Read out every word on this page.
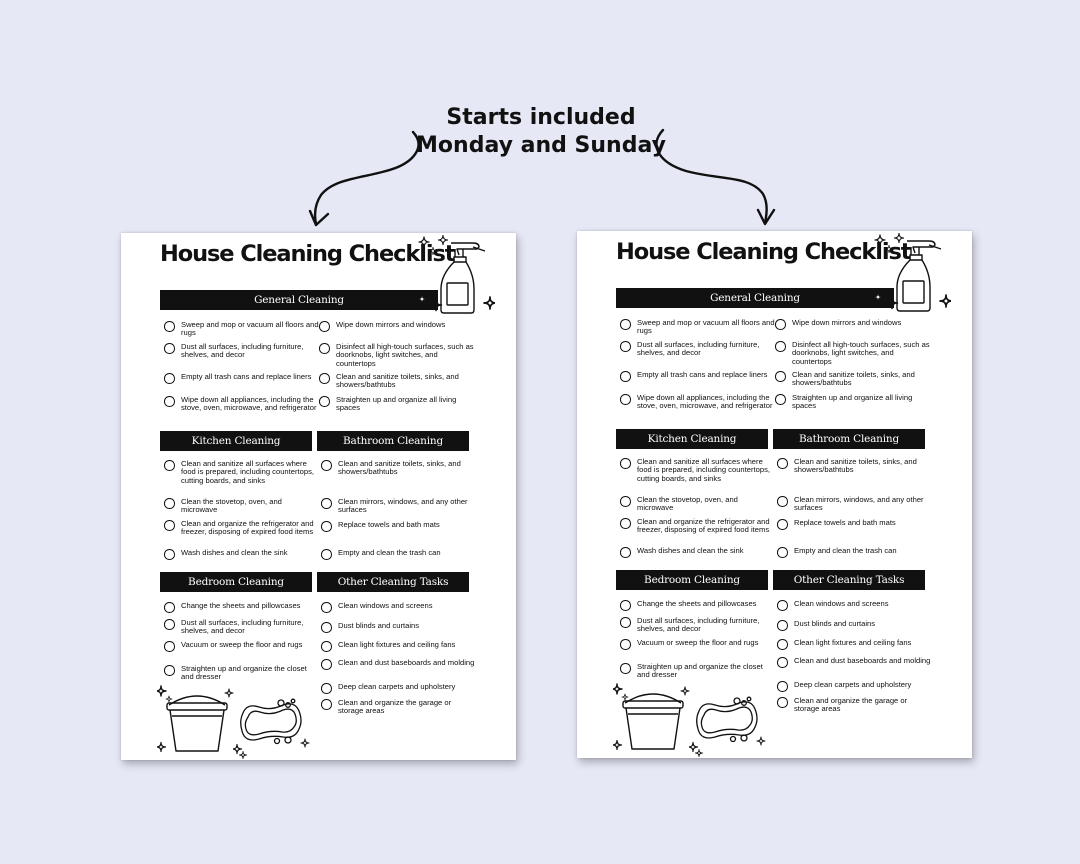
Starts included
Monday and Sunday
House Cleaning Checklist
General Cleaning
Kitchen Cleaning	Bathroom Cleaning
Bedroom Cleaning	Other Cleaning Tasks
Sweep and mop or vacuum all floors and rugs
Dust all surfaces, including furniture, shelves, and decor
Empty all trash cans and replace liners
Wipe down all appliances, including the stove, oven, microwave, and refrigerator
Wipe down mirrors and windows
Disinfect all high-touch surfaces, such as doorknobs, light switches, and countertops
Clean and sanitize toilets, sinks, and showers/bathtubs
Straighten up and organize all living spaces
Clean and sanitize all surfaces where food is prepared, including countertops, cutting boards, and sinks
Clean the stovetop, oven, and microwave
Clean and organize the refrigerator and freezer, disposing of expired food items
Wash dishes and clean the sink
Clean and sanitize toilets, sinks, and showers/bathtubs
Clean mirrors, windows, and any other surfaces
Replace towels and bath mats
Empty and clean the trash can
Change the sheets and pillowcases
Dust all surfaces, including furniture, shelves, and decor
Vacuum or sweep the floor and rugs
Straighten up and organize the closet and dresser
Clean windows and screens
Dust blinds and curtains
Clean light fixtures and ceiling fans
Clean and dust baseboards and molding
Deep clean carpets and upholstery
Clean and organize the garage or storage areas
House Cleaning Checklist
General Cleaning
Kitchen Cleaning	Bathroom Cleaning
Bedroom Cleaning	Other Cleaning Tasks
Sweep and mop or vacuum all floors and rugs
Dust all surfaces, including furniture, shelves, and decor
Empty all trash cans and replace liners
Wipe down all appliances, including the stove, oven, microwave, and refrigerator
Wipe down mirrors and windows
Disinfect all high-touch surfaces, such as doorknobs, light switches, and countertops
Clean and sanitize toilets, sinks, and showers/bathtubs
Straighten up and organize all living spaces
Clean and sanitize all surfaces where food is prepared, including countertops, cutting boards, and sinks
Clean the stovetop, oven, and microwave
Clean and organize the refrigerator and freezer, disposing of expired food items
Wash dishes and clean the sink
Clean and sanitize toilets, sinks, and showers/bathtubs
Clean mirrors, windows, and any other surfaces
Replace towels and bath mats
Empty and clean the trash can
Change the sheets and pillowcases
Dust all surfaces, including furniture, shelves, and decor
Vacuum or sweep the floor and rugs
Straighten up and organize the closet and dresser
Clean windows and screens
Dust blinds and curtains
Clean light fixtures and ceiling fans
Clean and dust baseboards and molding
Deep clean carpets and upholstery
Clean and organize the garage or storage areas
